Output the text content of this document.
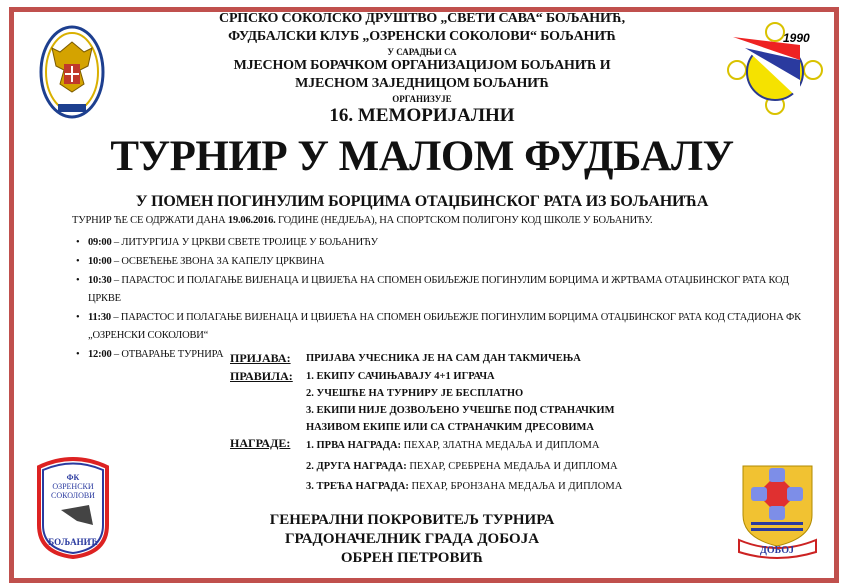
1990
СРПСКО СОКОЛСКО ДРУШТВО „СВЕТИ САВА“ БОЉАНИЋ,
ФУДБАЛСКИ КЛУБ „ОЗРЕНСКИ СОКОЛОВИ“ БОЉАНИЋ
У САРАДЊИ СА
МЈЕСНОМ БОРАЧКОМ ОРГАНИЗАЦИЈОМ БОЉАНИЋ И
МЈЕСНОМ ЗАЈЕДНИЦОМ БОЉАНИЋ
ОРГАНИЗУЈЕ
16. МЕМОРИЈАЛНИ
ТУРНИР У МАЛОМ ФУДБАЛУ
У ПОМЕН ПОГИНУЛИМ БОРЦИМА ОТАЏБИНСКОГ РАТА ИЗ БОЉАНИЋА
ТУРНИР ЋЕ СЕ ОДРЖАТИ ДАНА 19.06.2016. ГОДИНЕ (НЕДЈЕЉА), НА СПОРТСКОМ ПОЛИГОНУ КОД ШКОЛЕ У БОЉАНИЋУ.
• 09:00 – ЛИТУРГИЈА У ЦРКВИ СВЕТЕ ТРОЈИЦЕ У БОЉАНИЋУ
• 10:00 – ОСВЕЋЕЊЕ ЗВОНА ЗА КАПЕЛУ ЦРКВИНА
• 10:30 – ПАРАСТОС И ПОЛАГАЊЕ ВИЈЕНАЦА И ЦВИЈЕЋА НА СПОМЕН ОБИЉЕЖЈЕ ПОГИНУЛИМ БОРЦИМА И ЖРТВАМА ОТАЏБИНСКОГ РАТА КОД ЦРКВЕ
• 11:30 – ПАРАСТОС И ПОЛАГАЊЕ ВИЈЕНАЦА И ЦВИЈЕЋА НА СПОМЕН ОБИЉЕЖЈЕ ПОГИНУЛИМ БОРЦИМА ОТАЏБИНСКОГ РАТА КОД СТАДИОНА ФК „ОЗРЕНСКИ СОКОЛОВИ“
• 12:00 – ОТВАРАЊЕ ТУРНИРА ПРИЈАВА: ПРИЈАВА УЧЕСНИКА ЈЕ НА САМ ДАН ТАКМИЧЕЊА
ПРАВИЛА: 1. ЕКИПУ САЧИЊАВАЈУ 4+1 ИГРАЧА
2. УЧЕШЋЕ НА ТУРНИРУ ЈЕ БЕСПЛАТНО
3. ЕКИПИ НИЈЕ ДОЗВОЉЕНО УЧЕШЋЕ ПОД СТРАНАЧКИМ
НАЗИВОМ ЕКИПЕ ИЛИ СА СТРАНАЧКИМ ДРЕСОВИМА
НАГРАДЕ: 1. ПРВА НАГРАДА: ПЕХАР, ЗЛАТНА МЕДАЉА И ДИПЛОМА
2. ДРУГА НАГРАДА: ПЕХАР, СРЕБРЕНА МЕДАЉА И ДИПЛОМА
3. ТРЕЋА НАГРАДА: ПЕХАР, БРОНЗАНА МЕДАЉА И ДИПЛОМА
ГЕНЕРАЛНИ ПОКРОВИТЕЉ ТУРНИРА
ГРАДОНАЧЕЛНИК ГРАДА ДОБОЈА
ОБРЕН ПЕТРОВИЋ
ФК
ОЗРЕНСКИ
СОКОЛОВИ
БОЉАНИЋ
ДОБОЈ
